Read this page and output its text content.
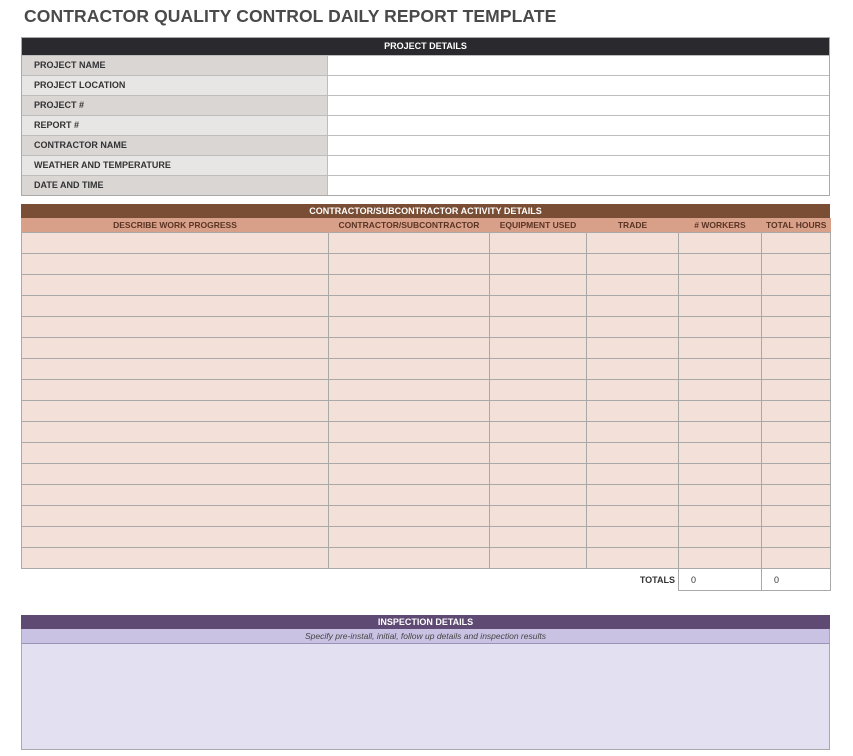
CONTRACTOR QUALITY CONTROL DAILY REPORT TEMPLATE
PROJECT DETAILS
PROJECT NAME
PROJECT LOCATION
PROJECT #
REPORT #
CONTRACTOR NAME
WEATHER AND TEMPERATURE
DATE AND TIME
CONTRACTOR/SUBCONTRACTOR ACTIVITY DETAILS
DESCRIBE WORK PROGRESS	CONTRACTOR/SUBCONTRACTOR	EQUIPMENT USED	TRADE	# WORKERS	TOTAL HOURS

			TOTALS	0	0
INSPECTION DETAILS
Specify pre-install, initial, follow up details and inspection results
